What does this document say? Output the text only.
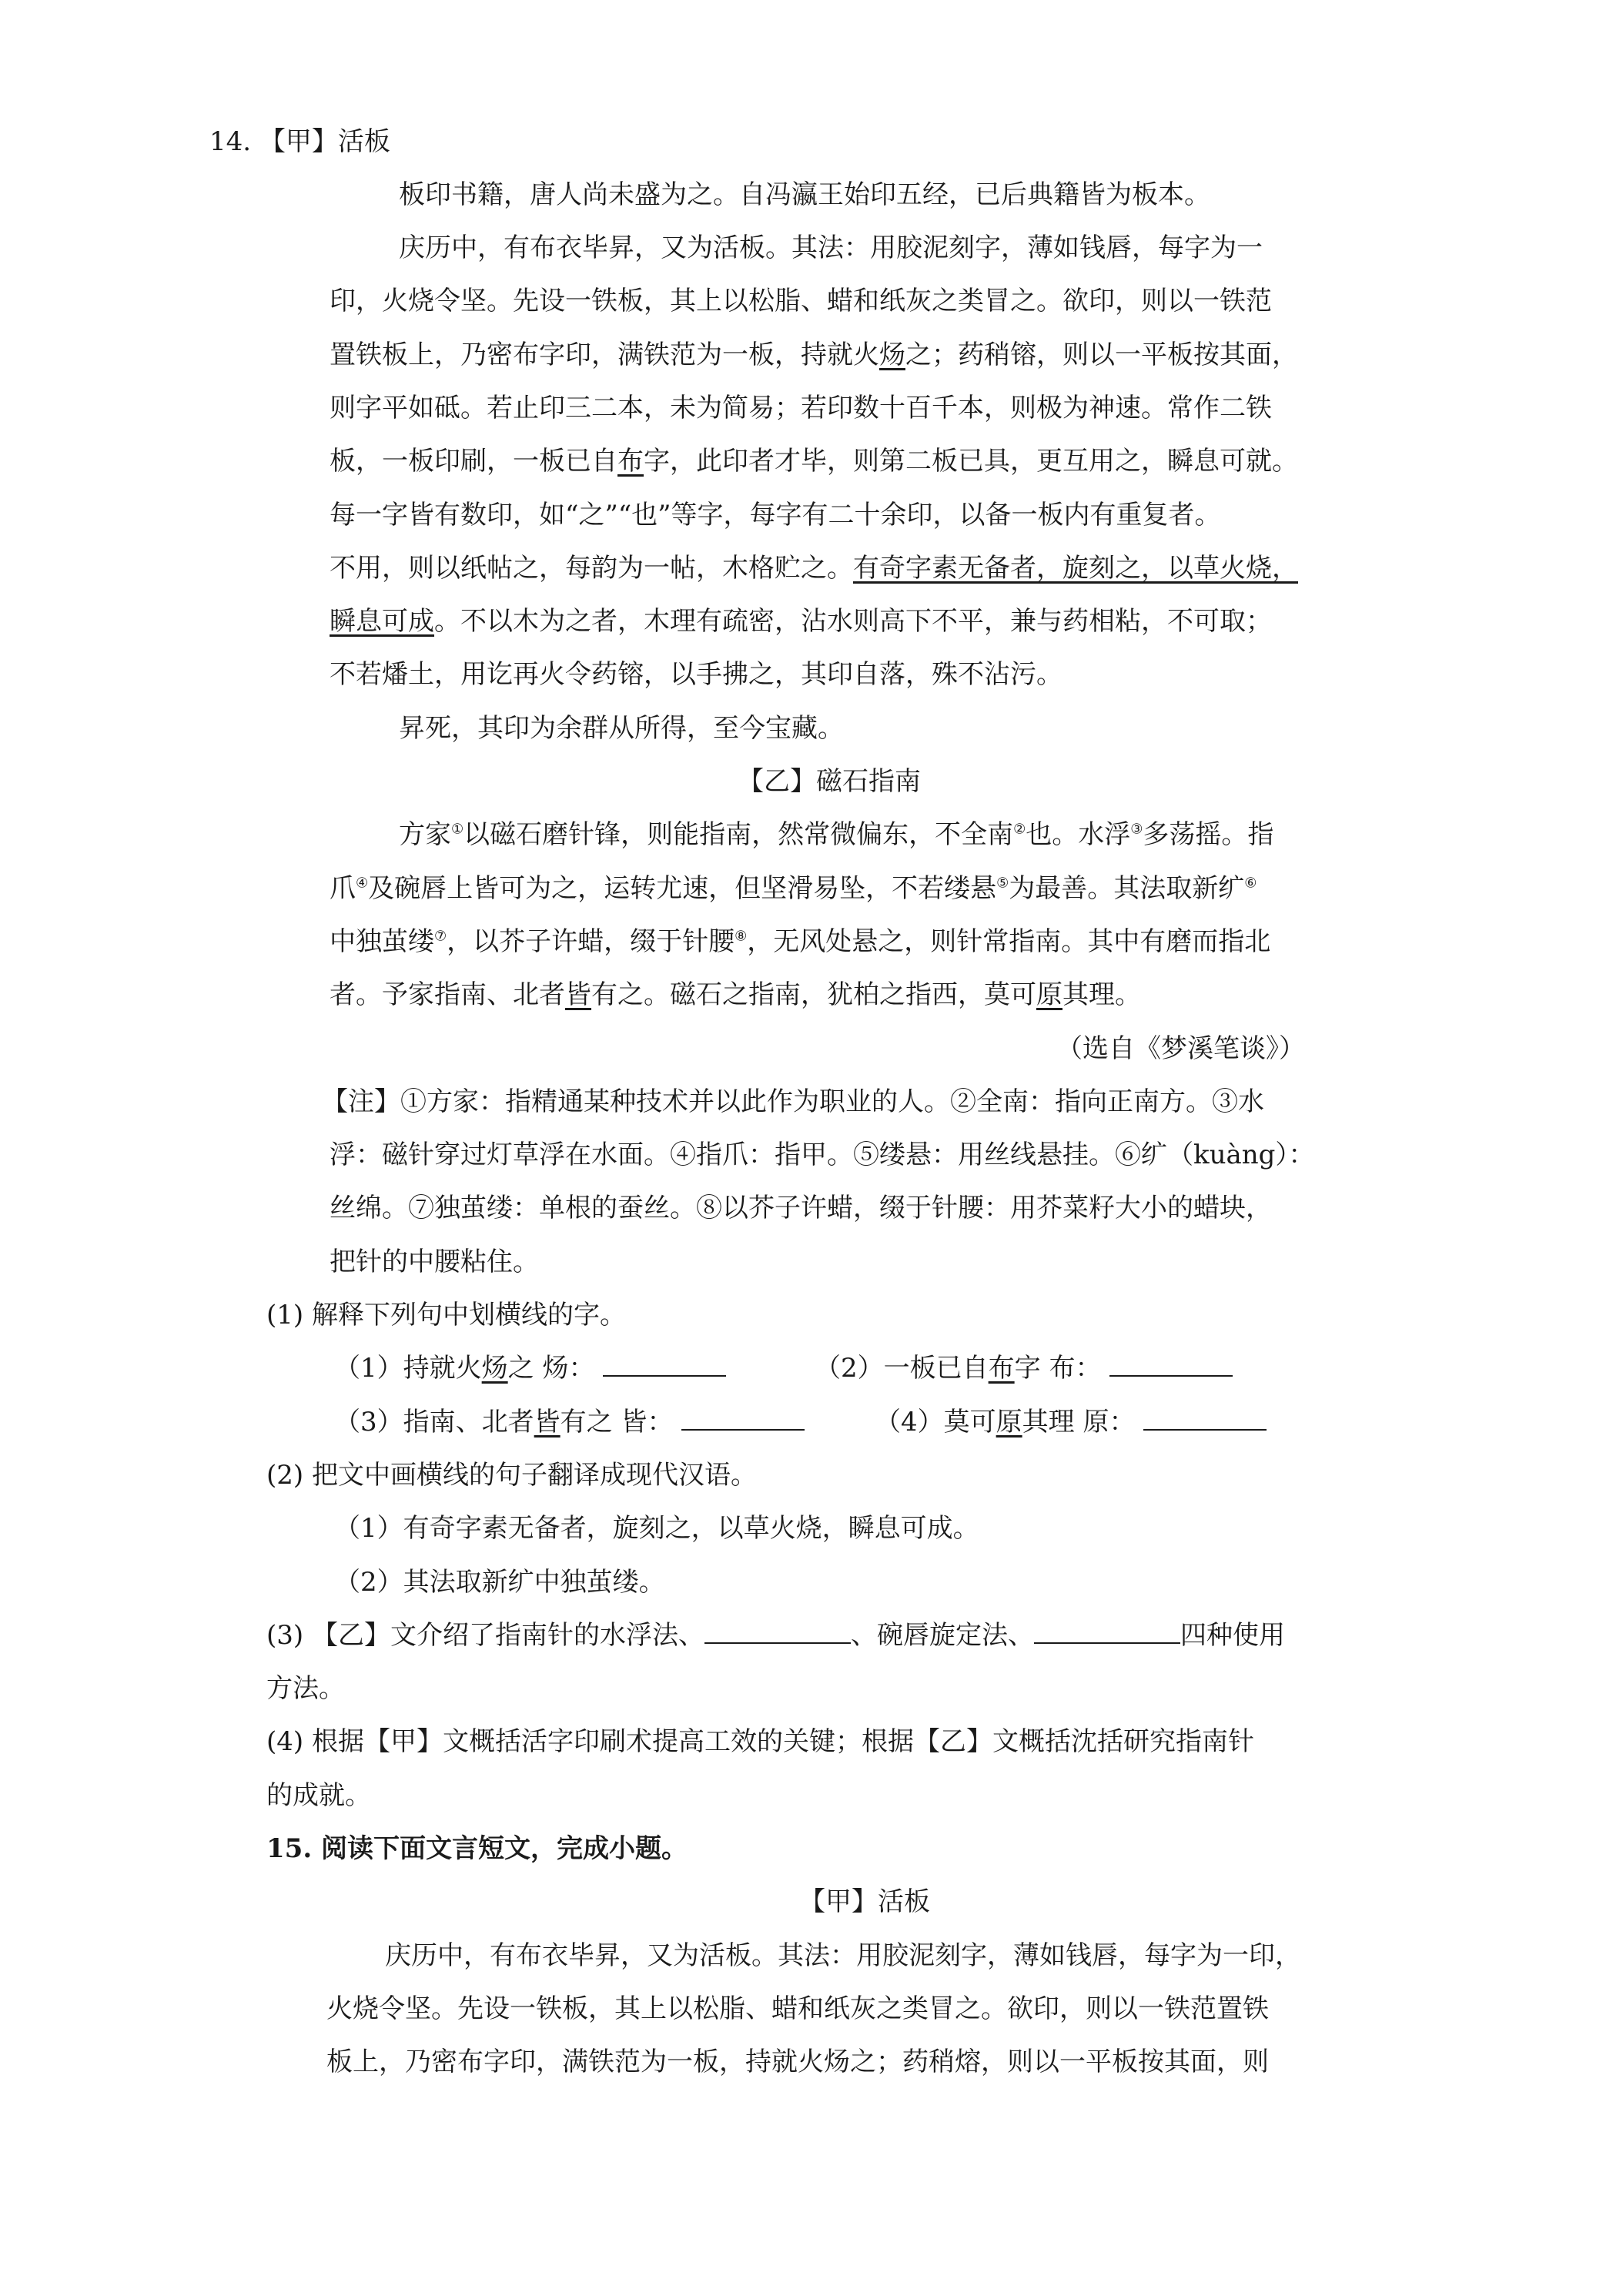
14. 【甲】活板
板印书籍，唐人尚未盛为之。自冯瀛王始印五经，已后典籍皆为板本。
庆历中，有布衣毕昇，又为活板。其法：用胶泥刻字，薄如钱唇，每字为一
印，火烧令坚。先设一铁板，其上以松脂、蜡和纸灰之类冒之。欲印，则以一铁范
置铁板上，乃密布字印，满铁范为一板，持就火炀之；药稍镕，则以一平板按其面，
则字平如砥。若止印三二本，未为简易；若印数十百千本，则极为神速。常作二铁
板，一板印刷，一板已自布字，此印者才毕，则第二板已具，更互用之，瞬息可就。
每一字皆有数印，如“之”“也”等字，每字有二十余印，以备一板内有重复者。
不用，则以纸帖之，每韵为一帖，木格贮之。有奇字素无备者，旋刻之，以草火烧，
瞬息可成。不以木为之者，木理有疏密，沾水则高下不平，兼与药相粘，不可取；
不若燔土，用讫再火令药镕，以手拂之，其印自落，殊不沾污。
昇死，其印为余群从所得，至今宝藏。
【乙】磁石指南
方家①以磁石磨针锋，则能指南，然常微偏东，不全南②也。水浮③多荡摇。指
爪④及碗唇上皆可为之，运转尤速，但坚滑易坠，不若缕悬⑤为最善。其法取新纩⑥
中独茧缕⑦，以芥子许蜡，缀于针腰⑧，无风处悬之，则针常指南。其中有磨而指北
者。予家指南、北者皆有之。磁石之指南，犹柏之指西，莫可原其理。
（选自《梦溪笔谈》）
【注】①方家：指精通某种技术并以此作为职业的人。②全南：指向正南方。③水
浮：磁针穿过灯草浮在水面。④指爪：指甲。⑤缕悬：用丝线悬挂。⑥纩（kuàng）：
丝绵。⑦独茧缕：单根的蚕丝。⑧以芥子许蜡，缀于针腰：用芥菜籽大小的蜡块，
把针的中腰粘住。
(1) 解释下列句中划横线的字。
（1）持就火炀之 炀：	（2）一板已自布字 布：
（3）指南、北者皆有之 皆：	（4）莫可原其理 原：
(2) 把文中画横线的句子翻译成现代汉语。
（1）有奇字素无备者，旋刻之，以草火烧，瞬息可成。
（2）其法取新纩中独茧缕。
(3) 【乙】文介绍了指南针的水浮法、	、碗唇旋定法、	四种使用
方法。
(4) 根据【甲】文概括活字印刷术提高工效的关键；根据【乙】文概括沈括研究指南针
的成就。
15. 阅读下面文言短文，完成小题。
【甲】活板
庆历中，有布衣毕昇，又为活板。其法：用胶泥刻字，薄如钱唇，每字为一印，
火烧令坚。先设一铁板，其上以松脂、蜡和纸灰之类冒之。欲印，则以一铁范置铁
板上，乃密布字印，满铁范为一板，持就火炀之；药稍熔，则以一平板按其面，则
